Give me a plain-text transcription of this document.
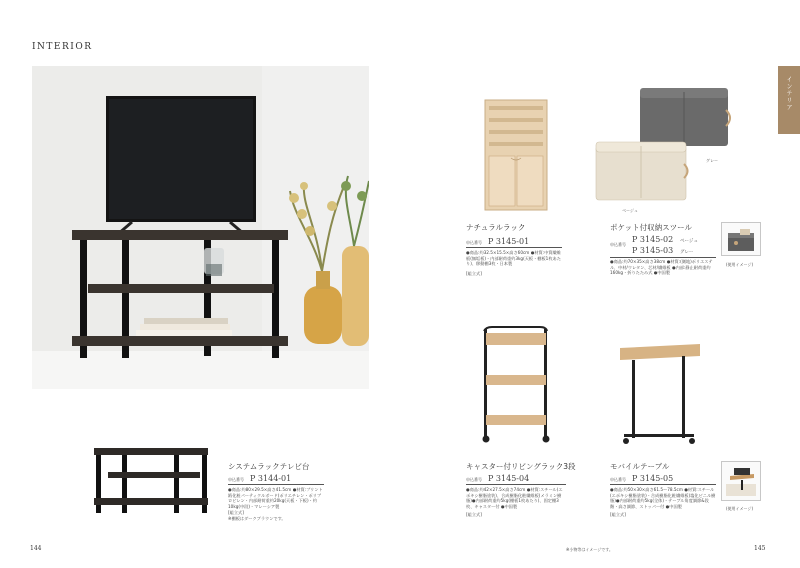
INTERIOR
インテリア
システムラックテレビ台
申込番号 P 3144-01
●商品:約80×29.5×高さ41.5cm ●材質:プリント紙化粧パーティクルボード(ポリエチレン・ポリプロピレン・内部耐荷重約20kg(天板・下板)・約10kg(中段)・マレーシア製
[組立式]
※棚板はダークブラウンです。
ナチュラルラック
申込番号 P 3145-01
●商品:約32.5×15.5×高さ60cm ●材質:中質繊維板(無垢板)・内部耐荷重約3kg(天板・棚板1枚あたり)、移動棚3枚・日本製
[組立式]
グレー
ベージュ
ポケット付収納スツール
申込番号
P 3145-02 ベージュ
P 3145-03 グレー
●商品:約70×35×高さ38cm ●材質:(側地)ポリエステル、中材/ウレタン、芯材/繊維板 ●内部:静止耐荷重約160kg・折りたたみ式 ●中国製
(使用イメージ)
キャスター付リビングラック3段
申込番号 P 3145-04
●商品:約42×27.5×高さ74cm ●材質:スチール(エポキシ樹脂塗装)、合成樹脂化粧繊維板(メラミン樹脂)●内部耐荷重約5kg(棚板1枚あたり)、固定棚3枚、キャスター付 ●中国製
[組立式]
モバイルテーブル
申込番号 P 3145-05
●商品:約50×30×高さ61.5〜78.5cm ●材質:スチール(エポキシ樹脂塗装)・合成樹脂化粧繊維板(塩化ビニル樹脂)●内部耐荷重約5kg(全体)・テーブル角度調節&段階・高さ調節、ストッパー付 ●中国製
[組立式]
(使用イメージ)
144	※小物等はイメージです。	145
